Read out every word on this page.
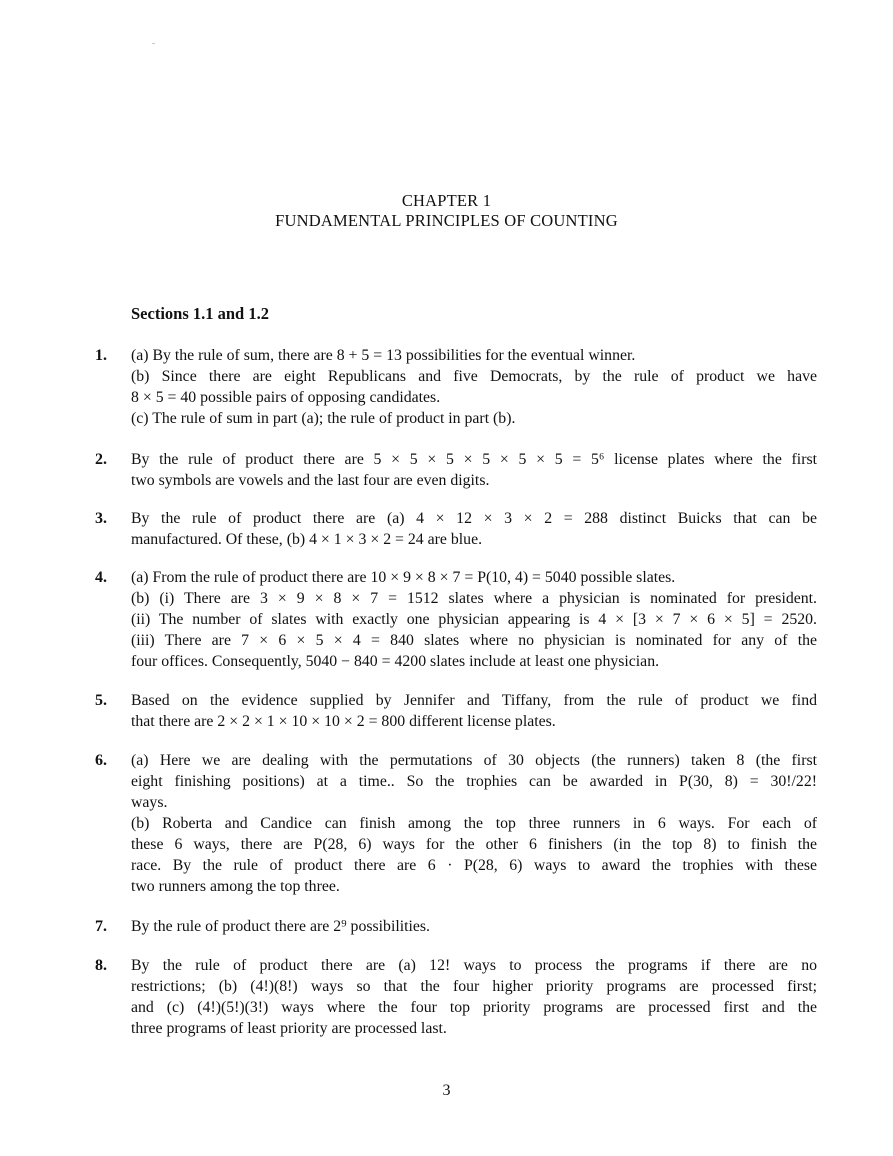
CHAPTER 1
FUNDAMENTAL PRINCIPLES OF COUNTING
Sections 1.1 and 1.2
1. (a) By the rule of sum, there are 8 + 5 = 13 possibilities for the eventual winner.
(b) Since there are eight Republicans and five Democrats, by the rule of product we have
8 × 5 = 40 possible pairs of opposing candidates.
(c) The rule of sum in part (a); the rule of product in part (b).
2. By the rule of product there are 5 × 5 × 5 × 5 × 5 × 5 = 5⁶ license plates where the first
two symbols are vowels and the last four are even digits.
3. By the rule of product there are (a) 4 × 12 × 3 × 2 = 288 distinct Buicks that can be
manufactured. Of these, (b) 4 × 1 × 3 × 2 = 24 are blue.
4. (a) From the rule of product there are 10 × 9 × 8 × 7 = P(10, 4) = 5040 possible slates.
(b) (i) There are 3 × 9 × 8 × 7 = 1512 slates where a physician is nominated for president.
(ii) The number of slates with exactly one physician appearing is 4 × [3 × 7 × 6 × 5] = 2520.
(iii) There are 7 × 6 × 5 × 4 = 840 slates where no physician is nominated for any of the
four offices. Consequently, 5040 − 840 = 4200 slates include at least one physician.
5. Based on the evidence supplied by Jennifer and Tiffany, from the rule of product we find
that there are 2 × 2 × 1 × 10 × 10 × 2 = 800 different license plates.
6. (a) Here we are dealing with the permutations of 30 objects (the runners) taken 8 (the first
eight finishing positions) at a time.. So the trophies can be awarded in P(30, 8) = 30!/22!
ways.
(b) Roberta and Candice can finish among the top three runners in 6 ways. For each of
these 6 ways, there are P(28, 6) ways for the other 6 finishers (in the top 8) to finish the
race. By the rule of product there are 6 · P(28, 6) ways to award the trophies with these
two runners among the top three.
7. By the rule of product there are 2⁹ possibilities.
8. By the rule of product there are (a) 12! ways to process the programs if there are no
restrictions; (b) (4!)(8!) ways so that the four higher priority programs are processed first;
and (c) (4!)(5!)(3!) ways where the four top priority programs are processed first and the
three programs of least priority are processed last.
3
